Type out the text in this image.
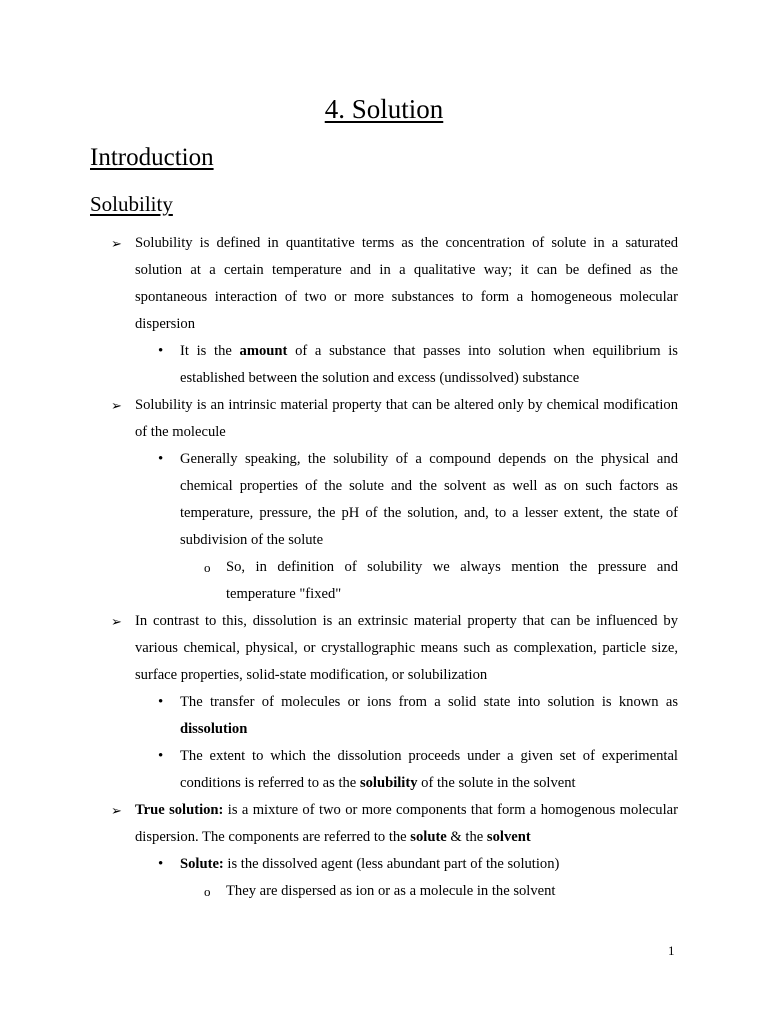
4. Solution
Introduction
Solubility
➢ Solubility is defined in quantitative terms as the concentration of solute in a saturated solution at a certain temperature and in a qualitative way; it can be defined as the spontaneous interaction of two or more substances to form a homogeneous molecular dispersion

• It is the amount of a substance that passes into solution when equilibrium is established between the solution and excess (undissolved) substance

➢ Solubility is an intrinsic material property that can be altered only by chemical modification of the molecule

• Generally speaking, the solubility of a compound depends on the physical and chemical properties of the solute and the solvent as well as on such factors as temperature, pressure, the pH of the solution, and, to a lesser extent, the state of subdivision of the solute

o So, in definition of solubility we always mention the pressure and temperature "fixed"

➢ In contrast to this, dissolution is an extrinsic material property that can be influenced by various chemical, physical, or crystallographic means such as complexation, particle size, surface properties, solid-state modification, or solubilization

• The transfer of molecules or ions from a solid state into solution is known as dissolution

• The extent to which the dissolution proceeds under a given set of experimental conditions is referred to as the solubility of the solute in the solvent

➢ True solution: is a mixture of two or more components that form a homogenous molecular dispersion. The components are referred to the solute & the solvent

• Solute: is the dissolved agent (less abundant part of the solution)

o They are dispersed as ion or as a molecule in the solvent

1
